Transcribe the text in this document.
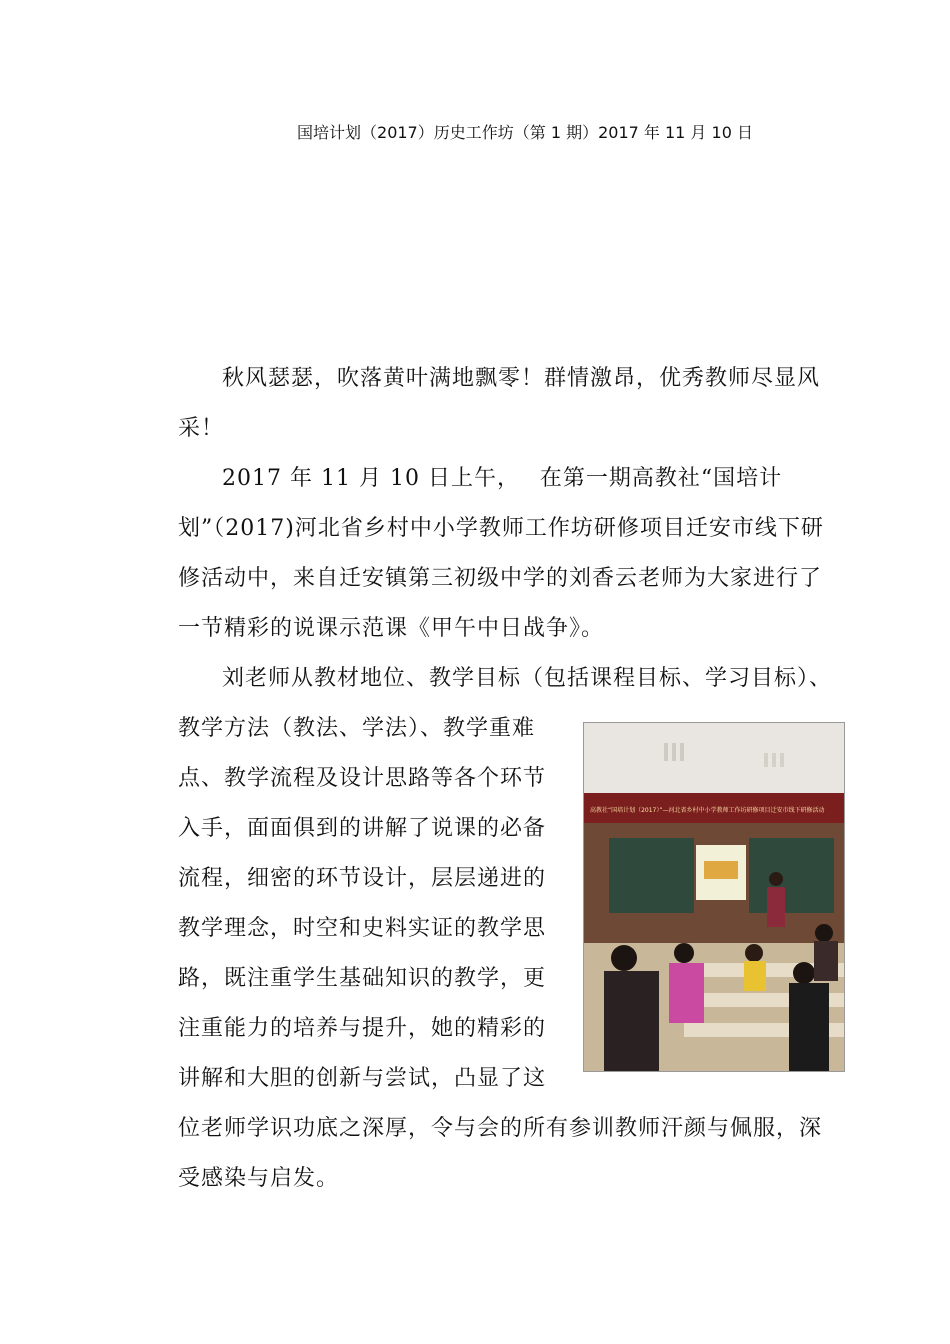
国培计划（2017）历史工作坊（第 1 期）2017 年 11 月 10 日
秋风瑟瑟，吹落黄叶满地飘零！群情激昂，优秀教师尽显风采！
2017 年 11 月 10 日上午，　 在第一期高教社“国培计划”（2017)河北省乡村中小学教师工作坊研修项目迁安市线下研修活动中，来自迁安镇第三初级中学的刘香云老师为大家进行了一节精彩的说课示范课《甲午中日战争》。
刘老师从教材地位、教学目标（包括课程目标、学习目标）、
教学方法（教法、学法）、教学重难
点、教学流程及设计思路等各个环节
入手，面面俱到的讲解了说课的必备
流程，细密的环节设计，层层递进的
教学理念，时空和史料实证的教学思
路，既注重学生基础知识的教学，更
注重能力的培养与提升，她的精彩的
讲解和大胆的创新与尝试，凸显了这
位老师学识功底之深厚，令与会的所有参训教师汗颜与佩服，深受感染与启发。
高教社“国培计划（2017）”—河北省乡村中小学教师工作坊研修项目迁安市线下研修活动
